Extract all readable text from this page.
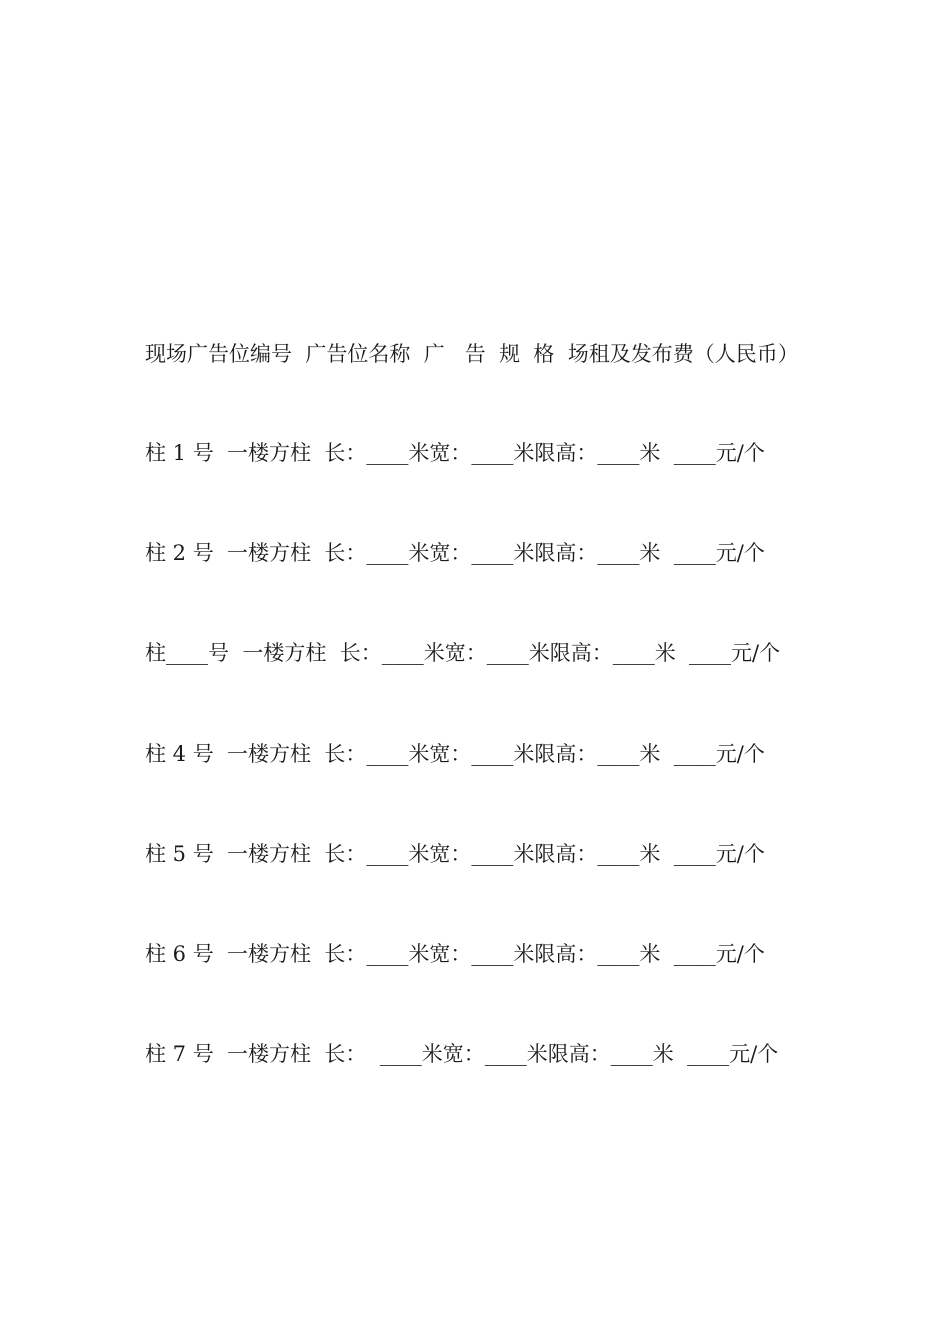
现场广告位编号  广告位名称  广   告  规  格  场租及发布费（人民币）

柱 1 号  一楼方柱  长：____米宽：____米限高：____米  ____元/个

柱 2 号  一楼方柱  长：____米宽：____米限高：____米  ____元/个

柱____号  一楼方柱  长：____米宽：____米限高：____米  ____元/个

柱 4 号  一楼方柱  长：____米宽：____米限高：____米  ____元/个

柱 5 号  一楼方柱  长：____米宽：____米限高：____米  ____元/个

柱 6 号  一楼方柱  长：____米宽：____米限高：____米  ____元/个

柱 7 号  一楼方柱  长：  ____米宽：____米限高：____米  ____元/个
